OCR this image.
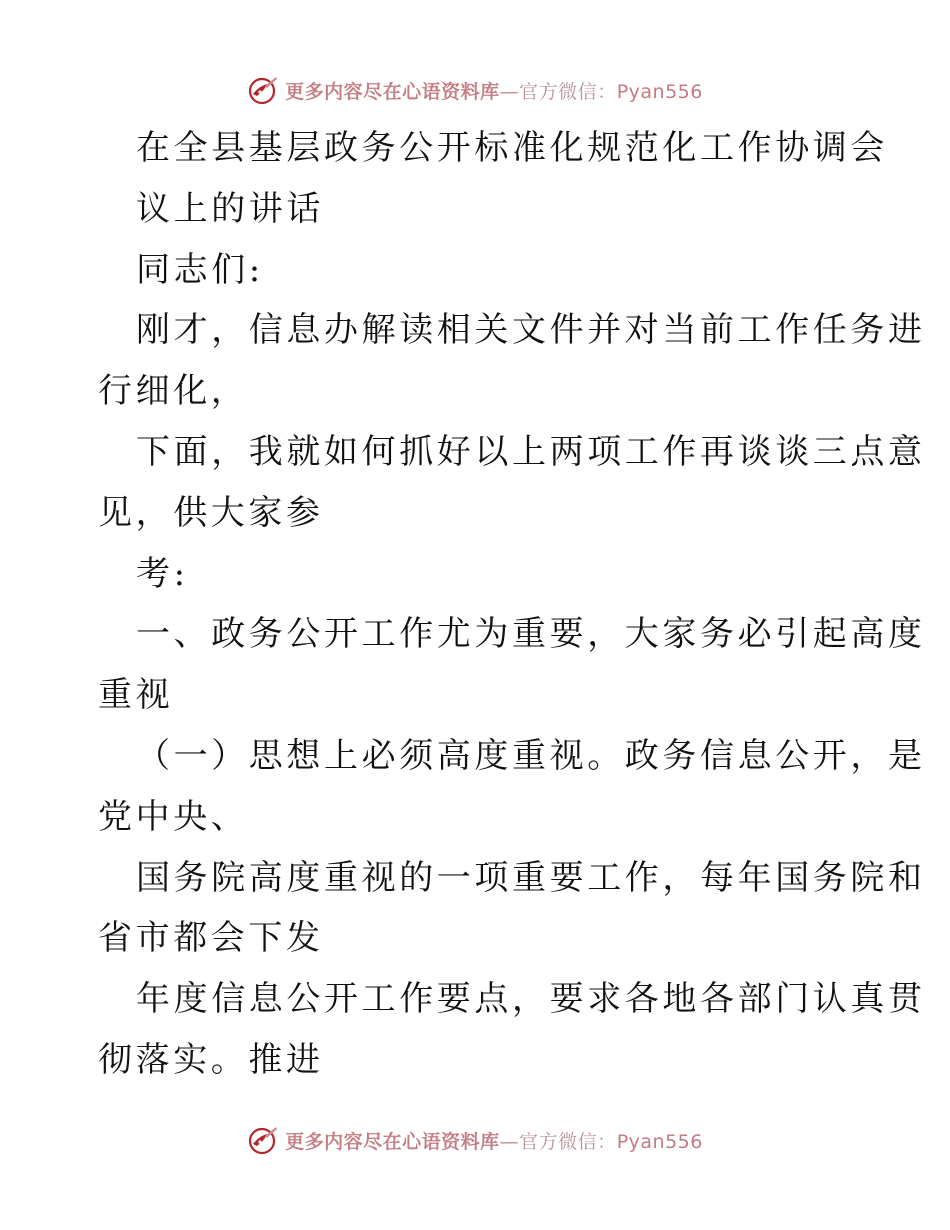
更多内容尽在心语资料库—官方微信：Pyan556
在全县基层政务公开标准化规范化工作协调会
议上的讲话
同志们:
刚才，信息办解读相关文件并对当前工作任务进
行细化，
下面，我就如何抓好以上两项工作再谈谈三点意
见，供大家参
考:
一、政务公开工作尤为重要，大家务必引起高度
重视
（一）思想上必须高度重视。政务信息公开，是
党中央、
国务院高度重视的一项重要工作，每年国务院和
省市都会下发
年度信息公开工作要点，要求各地各部门认真贯
彻落实。推进
更多内容尽在心语资料库—官方微信：Pyan556
